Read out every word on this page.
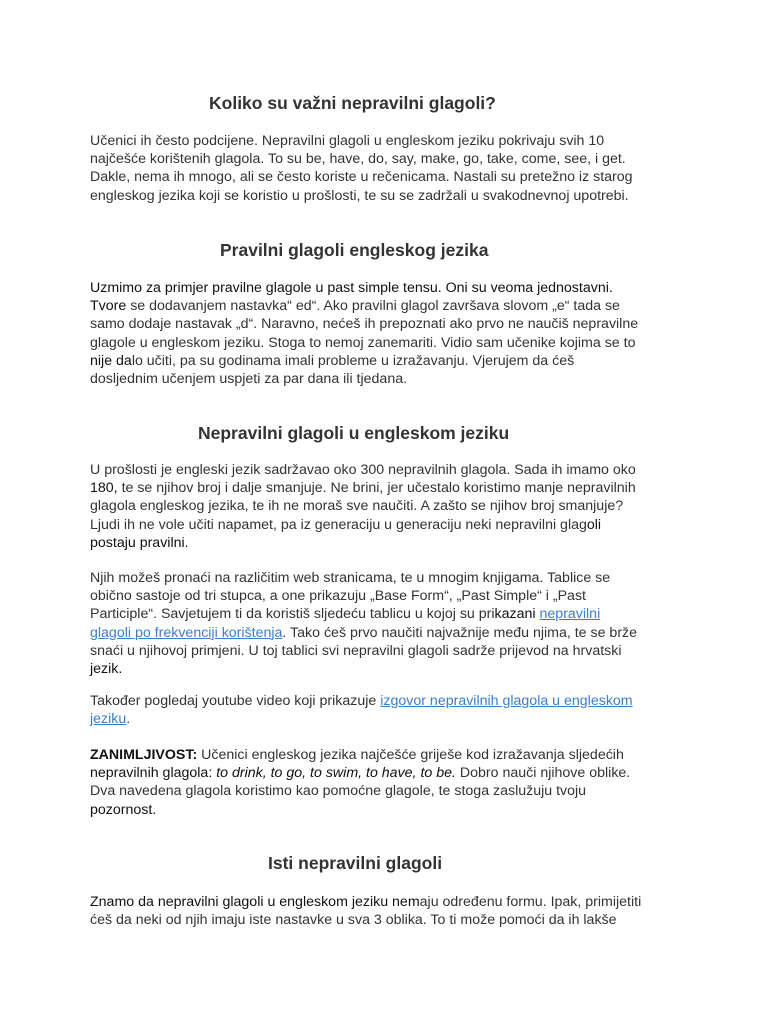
Koliko su važni nepravilni glagoli?

Učenici ih često podcijene. Nepravilni glagoli u engleskom jeziku pokrivaju svih 10
najčešće korištenih glagola. To su be, have, do, say, make, go, take, come, see, i get.
Dakle, nema ih mnogo, ali se često koriste u rečenicama. Nastali su pretežno iz starog
engleskog jezika koji se koristio u prošlosti, te su se zadržali u svakodnevnoj upotrebi.

Pravilni glagoli engleskog jezika

Uzmimo za primjer pravilne glagole u past simple tensu. Oni su veoma jednostavni.
Tvore se dodavanjem nastavka“ ed“. Ako pravilni glagol završava slovom „e“ tada se
samo dodaje nastavak „d“. Naravno, nećeš ih prepoznati ako prvo ne naučiš nepravilne
glagole u engleskom jeziku. Stoga to nemoj zanemariti. Vidio sam učenike kojima se to
nije dalo učiti, pa su godinama imali probleme u izražavanju. Vjerujem da ćeš
dosljednim učenjem uspjeti za par dana ili tjedana.

Nepravilni glagoli u engleskom jeziku

U prošlosti je engleski jezik sadržavao oko 300 nepravilnih glagola. Sada ih imamo oko
180, te se njihov broj i dalje smanjuje. Ne brini, jer učestalo koristimo manje nepravilnih
glagola engleskog jezika, te ih ne moraš sve naučiti. A zašto se njihov broj smanjuje?
Ljudi ih ne vole učiti napamet, pa iz generaciju u generaciju neki nepravilni glagoli
postaju pravilni.

Njih možeš pronaći na različitim web stranicama, te u mnogim knjigama. Tablice se
obično sastoje od tri stupca, a one prikazuju „Base Form“, „Past Simple“ i „Past
Participle“. Savjetujem ti da koristiš sljedeću tablicu u kojoj su prikazani nepravilni
glagoli po frekvenciji korištenja. Tako ćeš prvo naučiti najvažnije među njima, te se brže
snaći u njihovoj primjeni. U toj tablici svi nepravilni glagoli sadrže prijevod na hrvatski
jezik.

Također pogledaj youtube video koji prikazuje izgovor nepravilnih glagola u engleskom
jeziku.

ZANIMLJIVOST: Učenici engleskog jezika najčešće griješe kod izražavanja sljedećih
nepravilnih glagola: to drink, to go, to swim, to have, to be. Dobro nauči njihove oblike.
Dva navedena glagola koristimo kao pomoćne glagole, te stoga zaslužuju tvoju
pozornost.

Isti nepravilni glagoli

Znamo da nepravilni glagoli u engleskom jeziku nemaju određenu formu. Ipak, primijetiti
ćeš da neki od njih imaju iste nastavke u sva 3 oblika. To ti može pomoći da ih lakše
